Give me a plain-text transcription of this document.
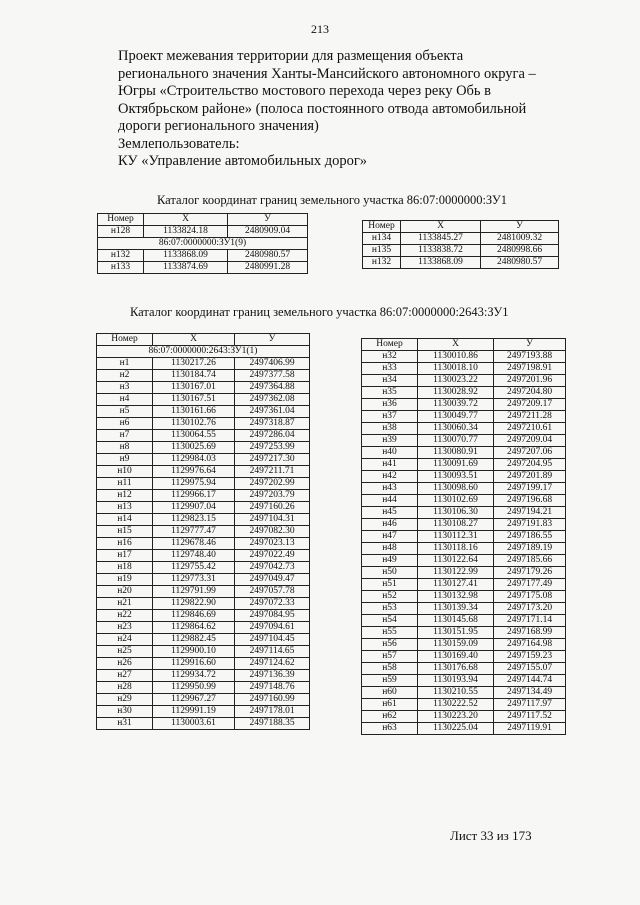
213
Проект межевания территории для размещения объекта
регионального значения Ханты-Мансийского автономного округа –
Югры «Строительство мостового перехода через реку Обь в
Октябрьском районе» (полоса постоянного отвода автомобильной
дороги регионального значения)
Землепользователь:
КУ «Управление автомобильных дорог»
Каталог координат границ земельного участка 86:07:0000000:ЗУ1
Номер	X	У
н128	1133824.18	2480909.04
86:07:0000000:ЗУ1(9)		
н132	1133868.09	2480980.57
н133	1133874.69	2480991.28
Номер	X	У
н134	1133845.27	2481009.32
н135	1133838.72	2480998.66
н132	1133868.09	2480980.57
Каталог координат границ земельного участка 86:07:0000000:2643:ЗУ1
Номер	X	У
86:07:0000000:2643:ЗУ1(1)		
н1	1130217.26	2497406.99
н2	1130184.74	2497377.58
н3	1130167.01	2497364.88
н4	1130167.51	2497362.08
н5	1130161.66	2497361.04
н6	1130102.76	2497318.87
н7	1130064.55	2497286.04
н8	1130025.69	2497253.99
н9	1129984.03	2497217.30
н10	1129976.64	2497211.71
н11	1129975.94	2497202.99
н12	1129966.17	2497203.79
н13	1129907.04	2497160.26
н14	1129823.15	2497104.31
н15	1129777.47	2497082.30
н16	1129678.46	2497023.13
н17	1129748.40	2497022.49
н18	1129755.42	2497042.73
н19	1129773.31	2497049.47
н20	1129791.99	2497057.78
н21	1129822.90	2497072.33
н22	1129846.69	2497084.95
н23	1129864.62	2497094.61
н24	1129882.45	2497104.45
н25	1129900.10	2497114.65
н26	1129916.60	2497124.62
н27	1129934.72	2497136.39
н28	1129950.99	2497148.76
н29	1129967.27	2497160.99
н30	1129991.19	2497178.01
н31	1130003.61	2497188.35
Номер	X	У
н32	1130010.86	2497193.88
н33	1130018.10	2497198.91
н34	1130023.22	2497201.96
н35	1130028.92	2497204.80
н36	1130039.72	2497209.17
н37	1130049.77	2497211.28
н38	1130060.34	2497210.61
н39	1130070.77	2497209.04
н40	1130080.91	2497207.06
н41	1130091.69	2497204.95
н42	1130093.51	2497201.89
н43	1130098.60	2497199.17
н44	1130102.69	2497196.68
н45	1130106.30	2497194.21
н46	1130108.27	2497191.83
н47	1130112.31	2497186.55
н48	1130118.16	2497189.19
н49	1130122.64	2497185.66
н50	1130122.99	2497179.26
н51	1130127.41	2497177.49
н52	1130132.98	2497175.08
н53	1130139.34	2497173.20
н54	1130145.68	2497171.14
н55	1130151.95	2497168.99
н56	1130159.09	2497164.98
н57	1130169.40	2497159.23
н58	1130176.68	2497155.07
н59	1130193.94	2497144.74
н60	1130210.55	2497134.49
н61	1130222.52	2497117.97
н62	1130223.20	2497117.52
н63	1130225.04	2497119.91
Лист 33 из 173
